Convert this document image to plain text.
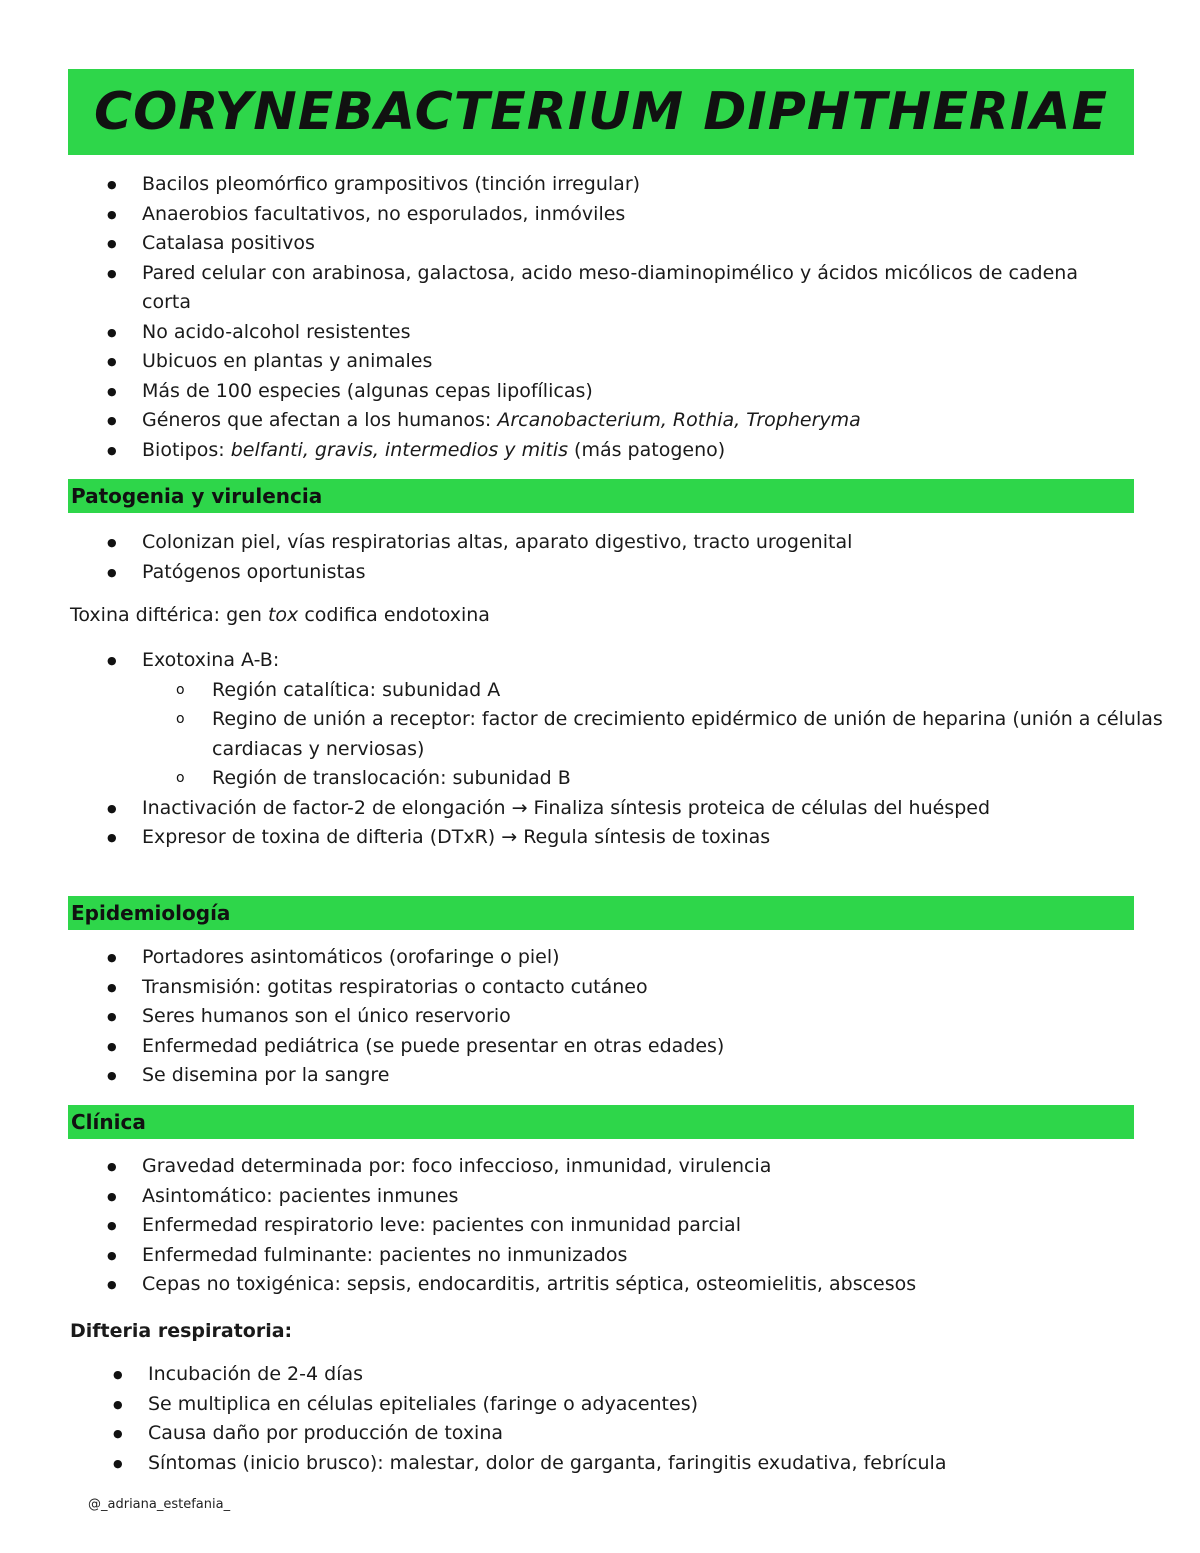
CORYNEBACTERIUM DIPHTHERIAE
● Bacilos pleomórfico grampositivos (tinción irregular)
● Anaerobios facultativos, no esporulados, inmóviles
● Catalasa positivos
● Pared celular con arabinosa, galactosa, acido meso-diaminopimélico y ácidos micólicos de cadena corta
● No acido-alcohol resistentes
● Ubicuos en plantas y animales
● Más de 100 especies (algunas cepas lipofílicas)
● Géneros que afectan a los humanos: Arcanobacterium, Rothia, Tropheryma
● Biotipos: belfanti, gravis, intermedios y mitis (más patogeno)
Patogenia y virulencia
● Colonizan piel, vías respiratorias altas, aparato digestivo, tracto urogenital
● Patógenos oportunistas

Toxina diftérica: gen tox codifica endotoxina

● Exotoxina A-B:
o Región catalítica: subunidad A
o Regino de unión a receptor: factor de crecimiento epidérmico de unión de heparina (unión a células cardiacas y nerviosas)
o Región de translocación: subunidad B
● Inactivación de factor-2 de elongación → Finaliza síntesis proteica de células del huésped
● Expresor de toxina de difteria (DTxR) → Regula síntesis de toxinas
Epidemiología
● Portadores asintomáticos (orofaringe o piel)
● Transmisión: gotitas respiratorias o contacto cutáneo
● Seres humanos son el único reservorio
● Enfermedad pediátrica (se puede presentar en otras edades)
● Se disemina por la sangre
Clínica
● Gravedad determinada por: foco infeccioso, inmunidad, virulencia
● Asintomático: pacientes inmunes
● Enfermedad respiratorio leve: pacientes con inmunidad parcial
● Enfermedad fulminante: pacientes no inmunizados
● Cepas no toxigénica: sepsis, endocarditis, artritis séptica, osteomielitis, abscesos

Difteria respiratoria:

● Incubación de 2-4 días
● Se multiplica en células epiteliales (faringe o adyacentes)
● Causa daño por producción de toxina
● Síntomas (inicio brusco): malestar, dolor de garganta, faringitis exudativa, febrícula
@_adriana_estefania_
